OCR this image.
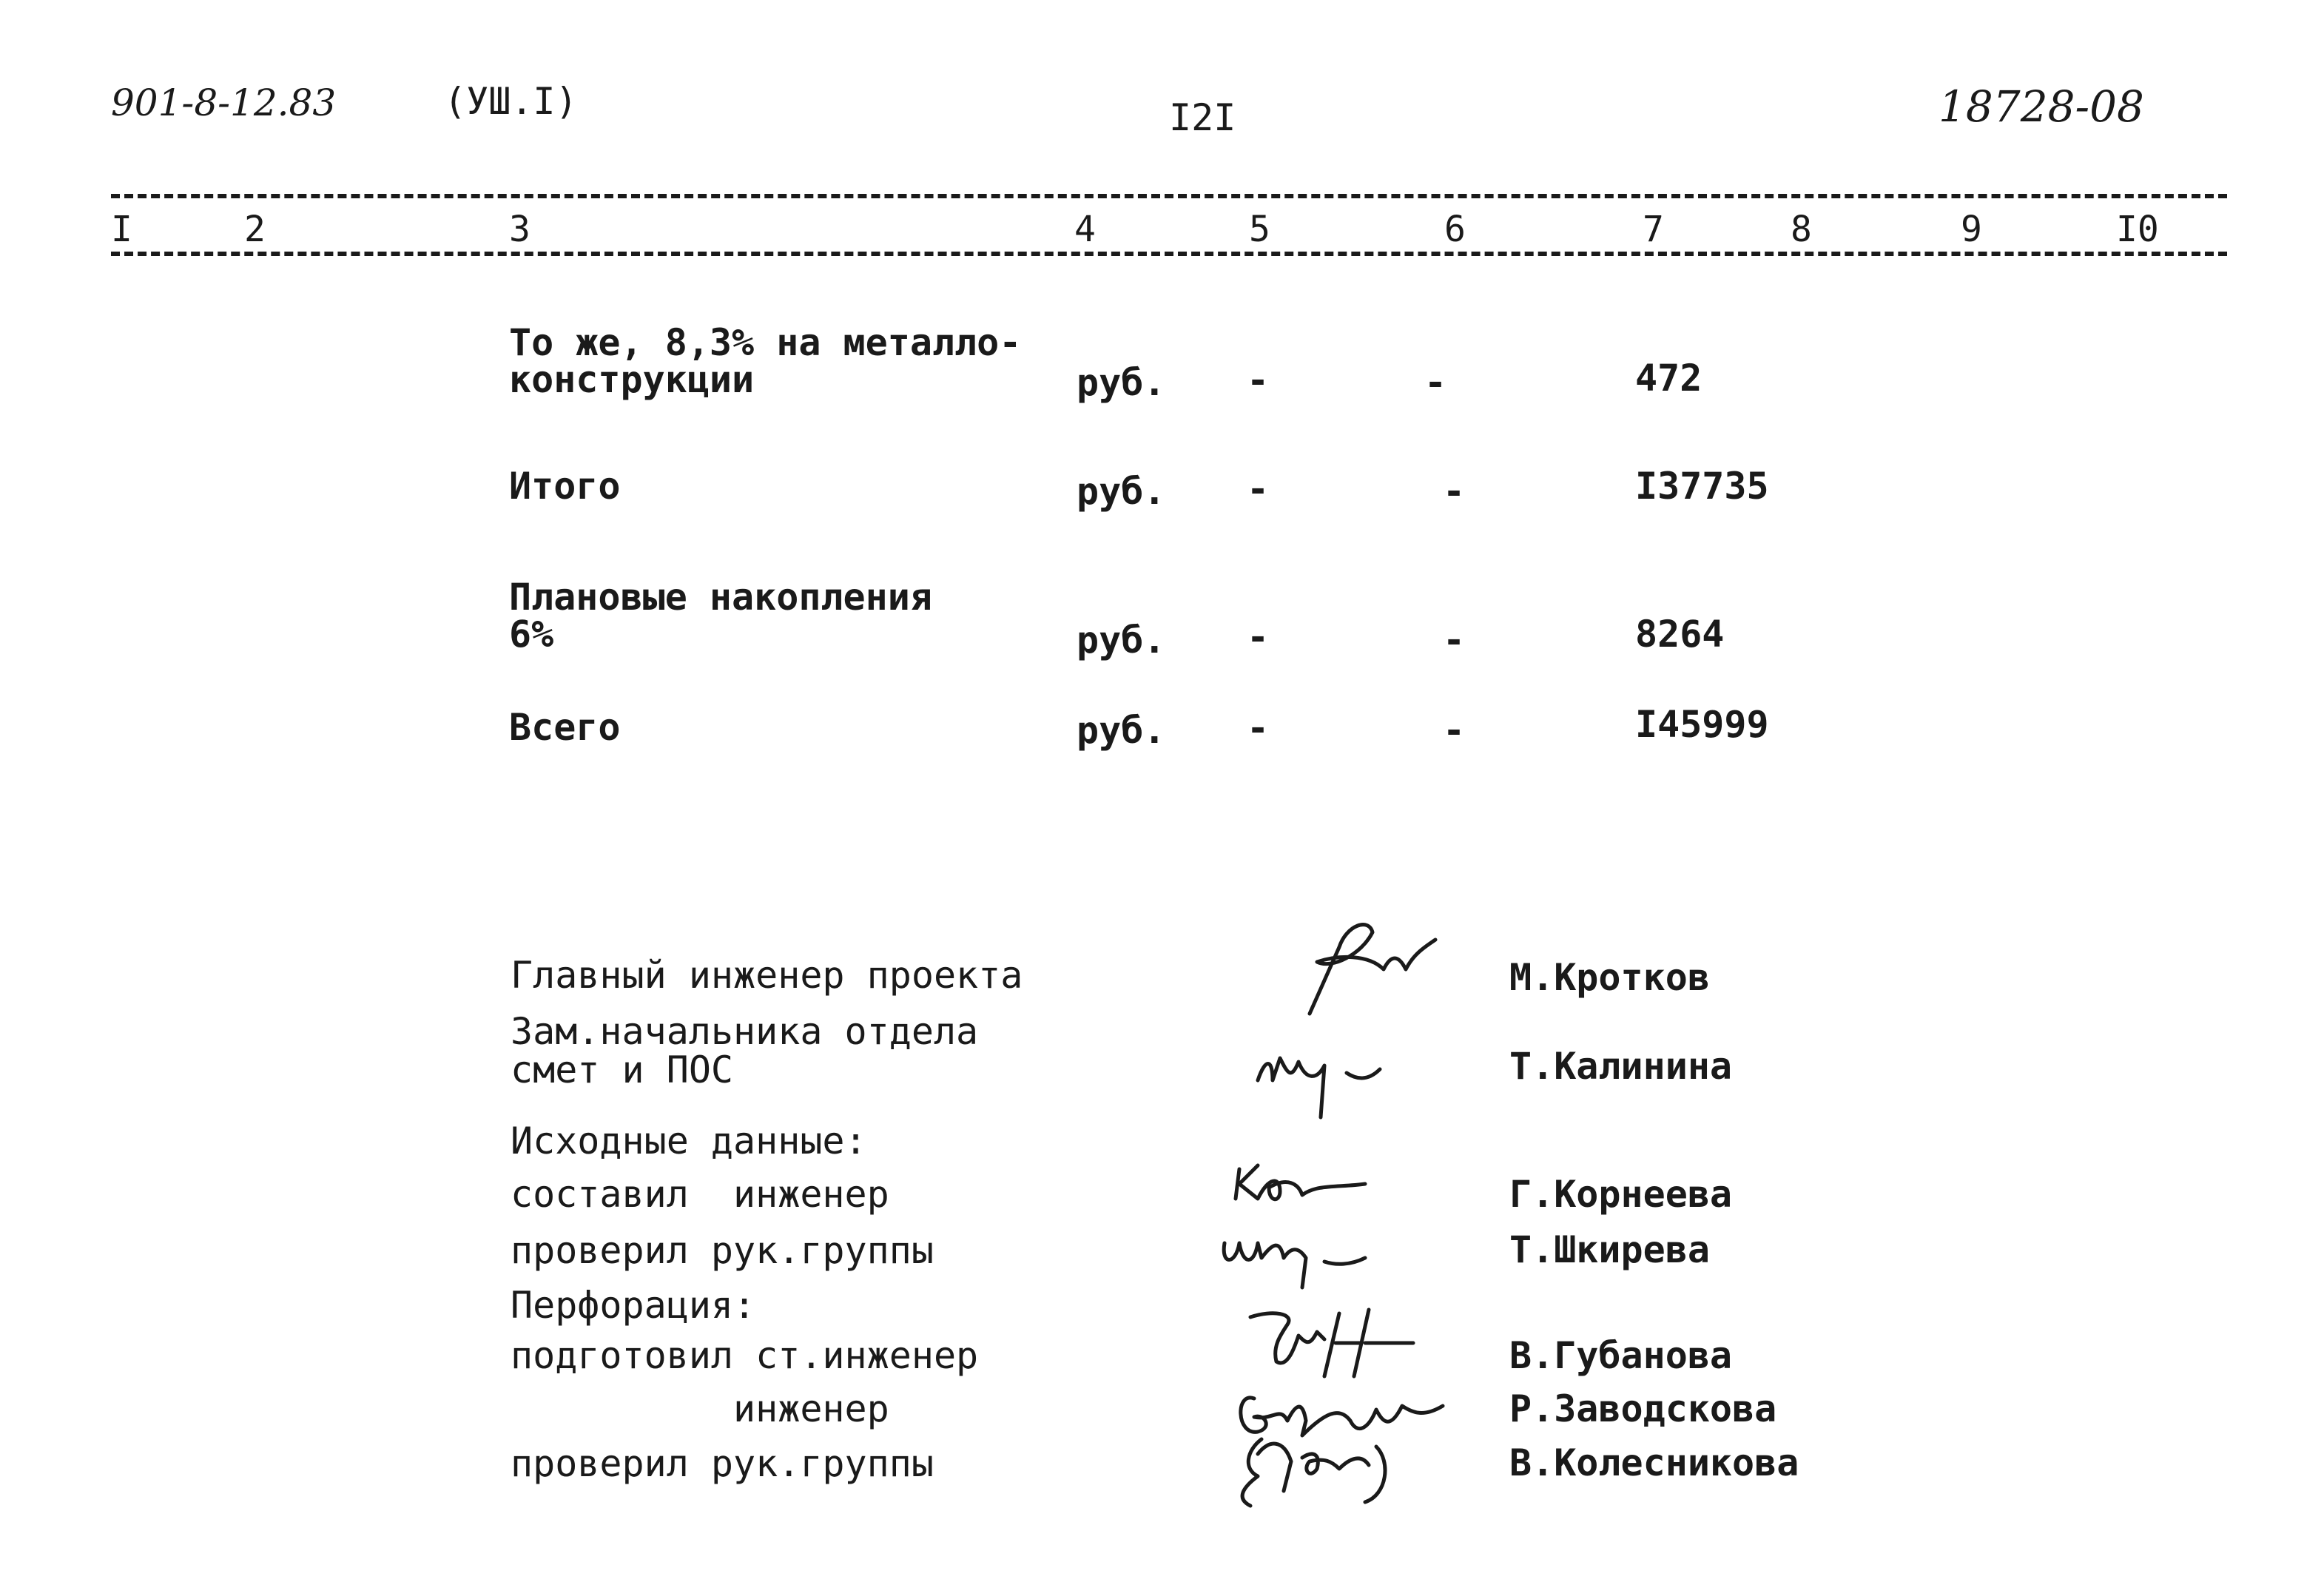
901-8-12.83	(УШ.I)	I2I	18728-08
I	2	3	4	5	6	7	8	9	I0
То же, 8,3% на металло-
конструкции	руб. -	-	472
Итого	руб. -	-	I37735
Плановые накопления
6%	руб. -	-	8264
Всего	руб. -	-	I45999
Главный инженер проекта	М.Кротков
Зам.начальника отдела
смет и ПОС	Т.Калинина
Исходные данные:
составил  инженер	Г.Корнеева
проверил рук.группы	Т.Шкирева
Перфорация:
подготовил ст.инженер	В.Губанова
инженер	Р.Заводскова
проверил рук.группы	В.Колесникова
